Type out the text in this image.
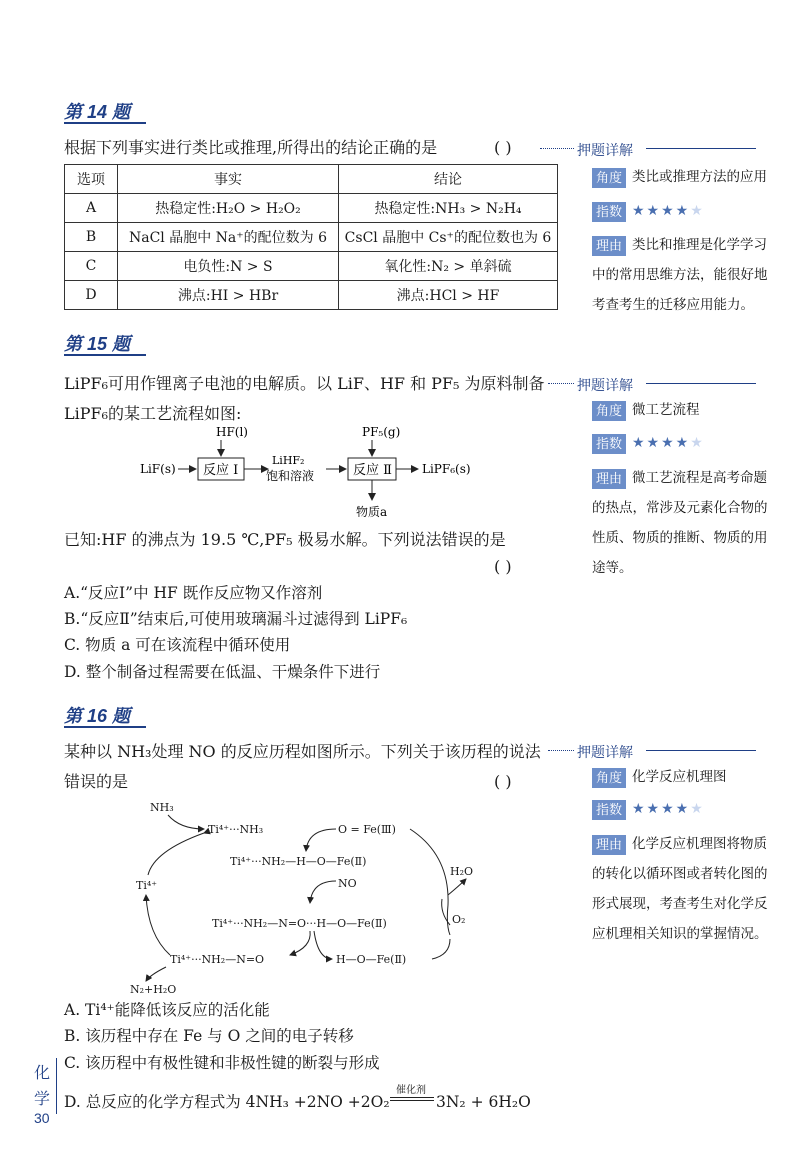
第 14 题
根据下列事实进行类比或推理,所得出的结论正确的是	( )
选项	事实	结论
A	热稳定性:H₂O > H₂O₂	热稳定性:NH₃ > N₂H₄
B	NaCl 晶胞中 Na⁺的配位数为 6	CsCl 晶胞中 Cs⁺的配位数也为 6
C	电负性:N > S	氧化性:N₂ > 单斜硫
D	沸点:HI > HBr	沸点:HCl > HF
押题详解
角度 类比或推理方法的应用
指数 ★★★★★
理由 类比和推理是化学学习
中的常用思维方法，能很好地
考查考生的迁移应用能力。
第 15 题
LiPF₆可用作锂离子电池的电解质。以 LiF、HF 和 PF₅ 为原料制备
LiPF₆的某工艺流程如图:
LiF(s) 反应 Ⅰ
HF(l)
LiHF₂
饱和溶液	反应 Ⅱ
PF₅(g)
LiPF₆(s)
物质a
已知:HF 的沸点为 19.5 ℃,PF₅ 极易水解。下列说法错误的是
( )
A.“反应Ⅰ”中 HF 既作反应物又作溶剂
B.“反应Ⅱ”结束后,可使用玻璃漏斗过滤得到 LiPF₆
C. 物质 a 可在该流程中循环使用
D. 整个制备过程需要在低温、干燥条件下进行
押题详解
角度 微工艺流程
指数 ★★★★★
理由 微工艺流程是高考命题
的热点，常涉及元素化合物的
性质、物质的推断、物质的用
途等。
第 16 题
某种以 NH₃处理 NO 的反应历程如图所示。下列关于该历程的说法
错误的是	( )
NH₃
Ti⁴⁺···NH₃	O = Fe(Ⅲ)
Ti⁴⁺···NH₂—H—O—Fe(Ⅱ)
NO
H₂O
O₂
Ti⁴⁺
Ti⁴⁺···NH₂—N=O···H—O—Fe(Ⅱ)
Ti⁴⁺···NH₂—N=O	H—O—Fe(Ⅱ)
N₂+H₂O
A. Ti⁴⁺能降低该反应的活化能
B. 该历程中存在 Fe 与 O 之间的电子转移
C. 该历程中有极性键和非极性键的断裂与形成
D. 总反应的化学方程式为 4NH₃ +2NO +2O₂
催化剂
3N₂ + 6H₂O
押题详解
角度 化学反应机理图
指数 ★★★★★
理由 化学反应机理图将物质
的转化以循环图或者转化图的
形式展现，考查考生对化学反
应机理相关知识的掌握情况。
化
学
30
